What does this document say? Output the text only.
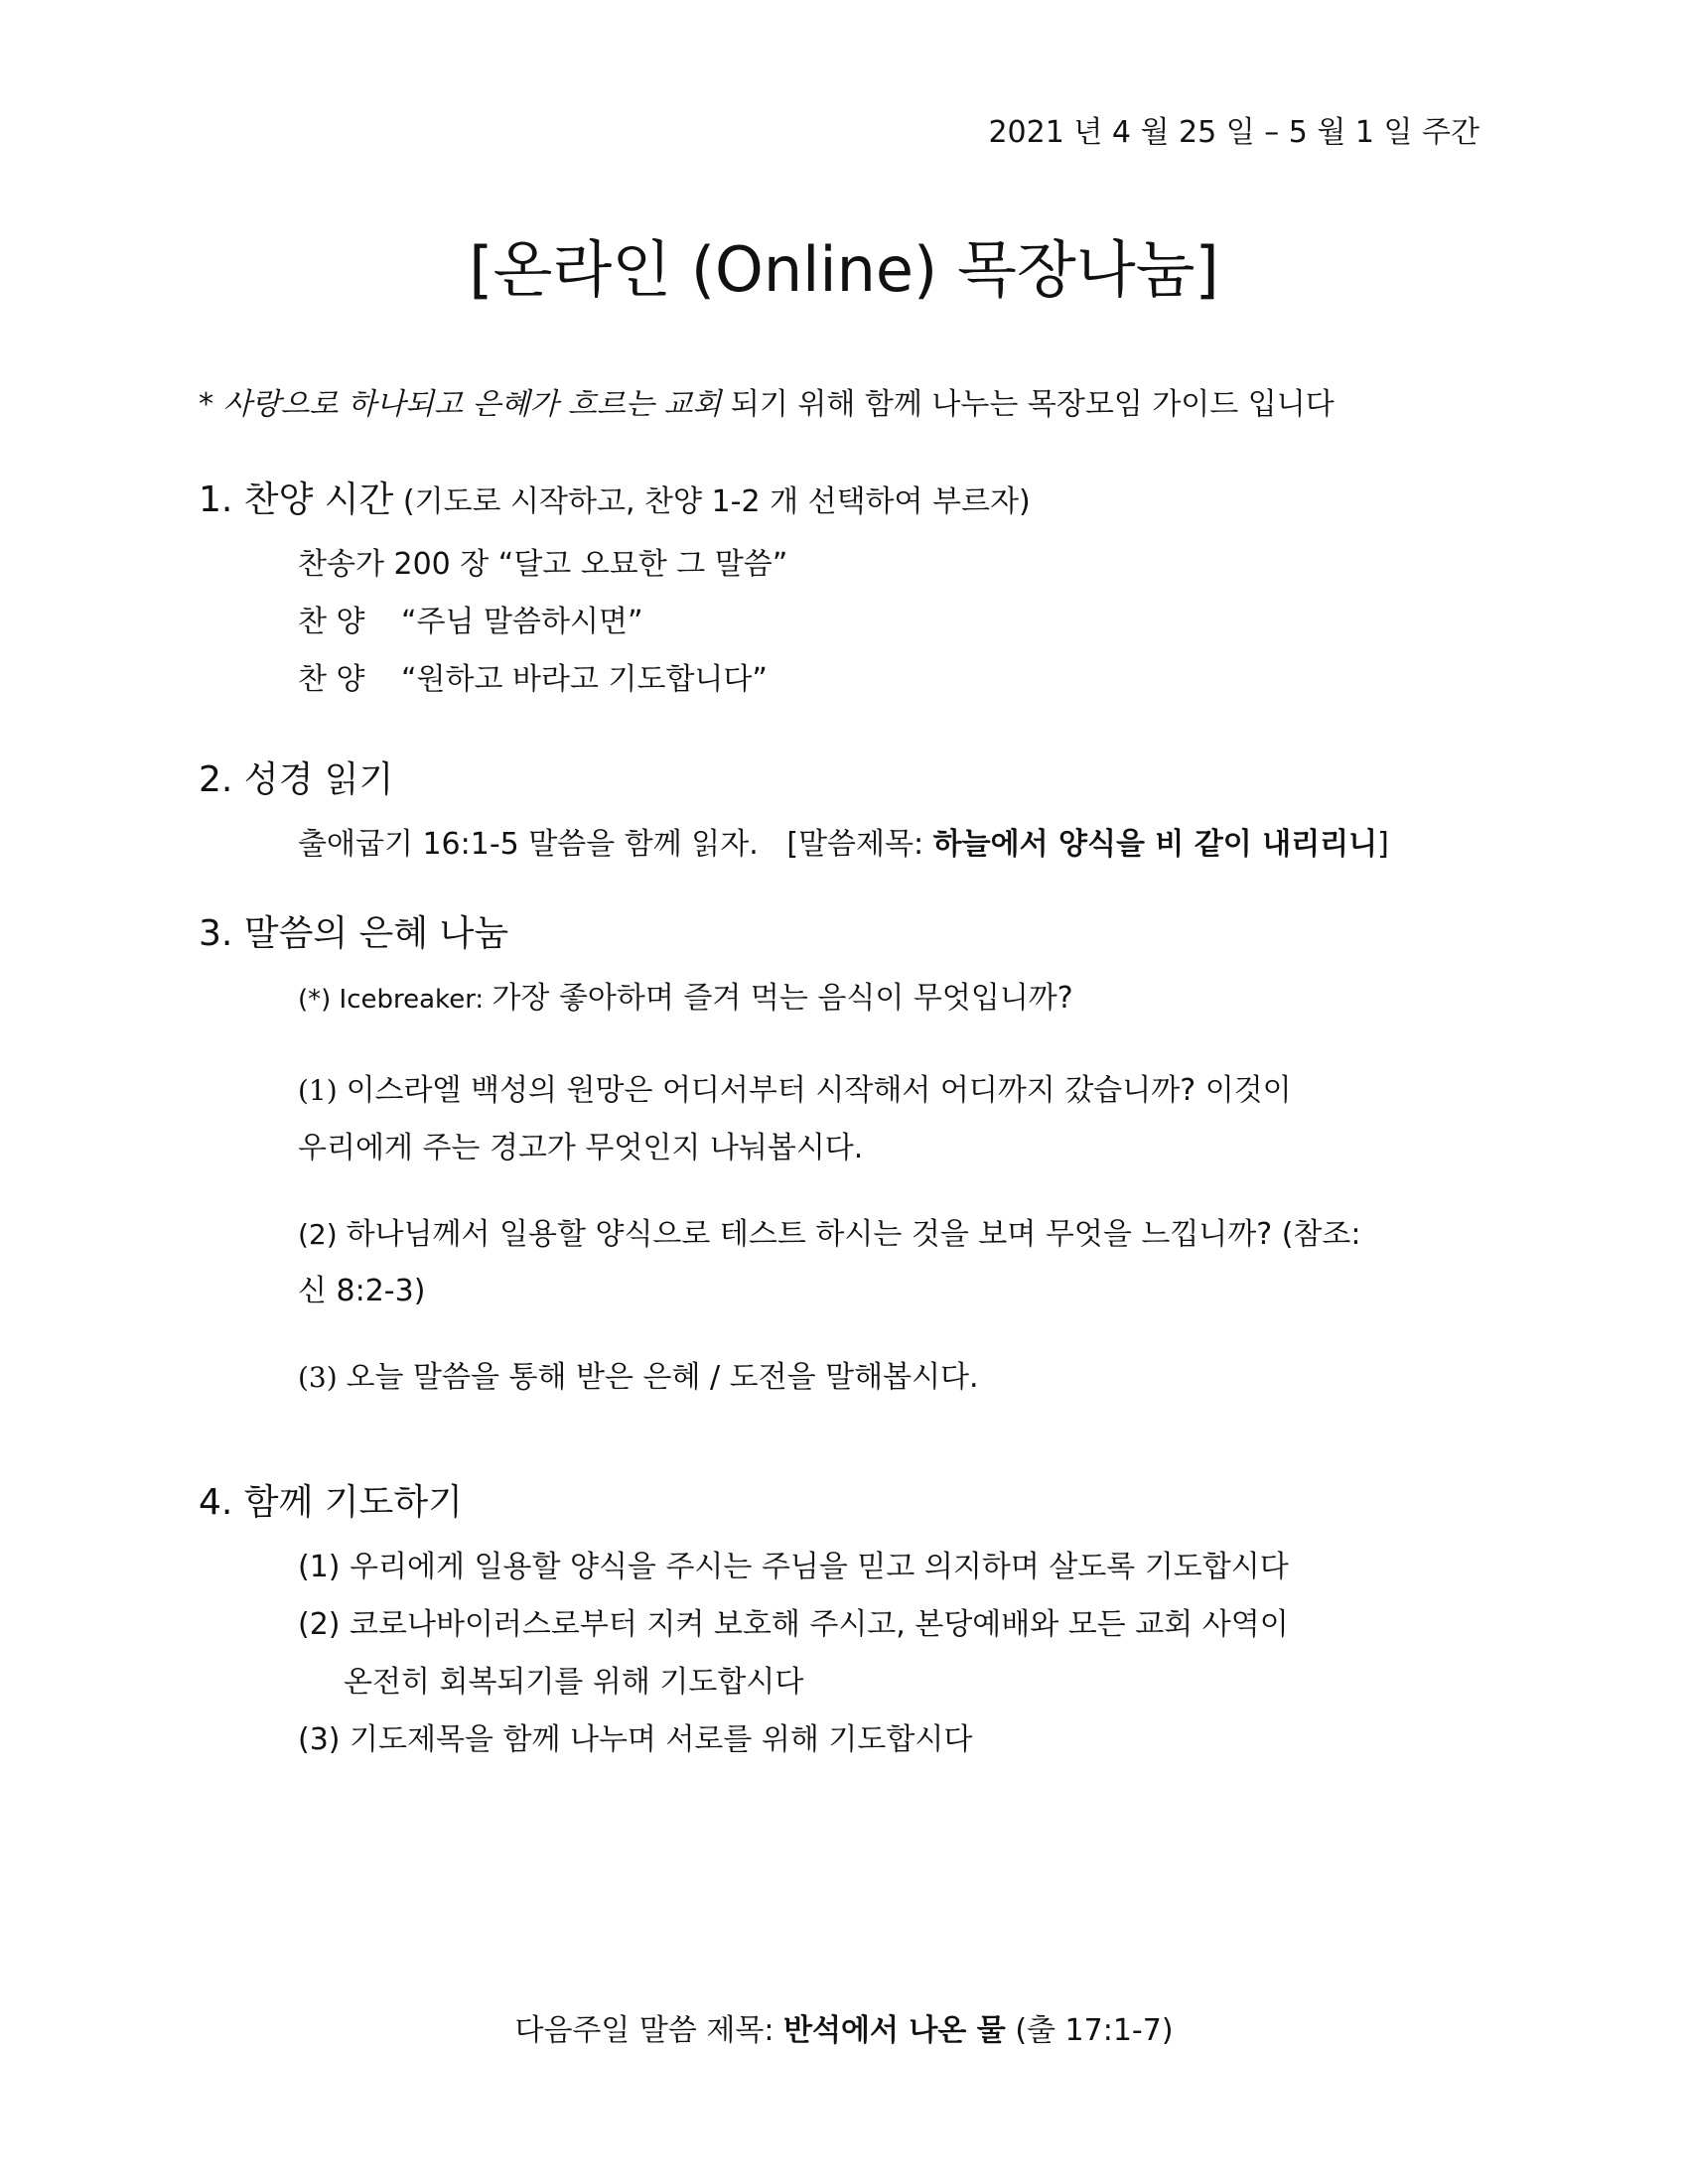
2021 년 4 월 25 일 – 5 월 1 일 주간
[온라인 (Online) 목장나눔]
* 사랑으로 하나되고 은혜가 흐르는 교회 되기 위해 함께 나누는 목장모임 가이드 입니다
1. 찬양 시간 (기도로 시작하고, 찬양 1-2 개 선택하여 부르자)
찬송가 200 장 “달고 오묘한 그 말씀”
찬 양 “주님 말씀하시면”
찬 양 “원하고 바라고 기도합니다”
2. 성경 읽기
출애굽기 16:1-5 말씀을 함께 읽자.   [말씀제목: 하늘에서 양식을 비 같이 내리리니]
3. 말씀의 은혜 나눔
(*) Icebreaker: 가장 좋아하며 즐겨 먹는 음식이 무엇입니까?
(1) 이스라엘 백성의 원망은 어디서부터 시작해서 어디까지 갔습니까? 이것이
우리에게 주는 경고가 무엇인지 나눠봅시다.
(2) 하나님께서 일용할 양식으로 테스트 하시는 것을 보며 무엇을 느낍니까? (참조:
신 8:2-3)
(3) 오늘 말씀을 통해 받은 은혜 / 도전을 말해봅시다.
4. 함께 기도하기
(1) 우리에게 일용할 양식을 주시는 주님을 믿고 의지하며 살도록 기도합시다
(2) 코로나바이러스로부터 지켜 보호해 주시고, 본당예배와 모든 교회 사역이
온전히 회복되기를 위해 기도합시다
(3) 기도제목을 함께 나누며 서로를 위해 기도합시다
다음주일 말씀 제목: 반석에서 나온 물 (출 17:1-7)
